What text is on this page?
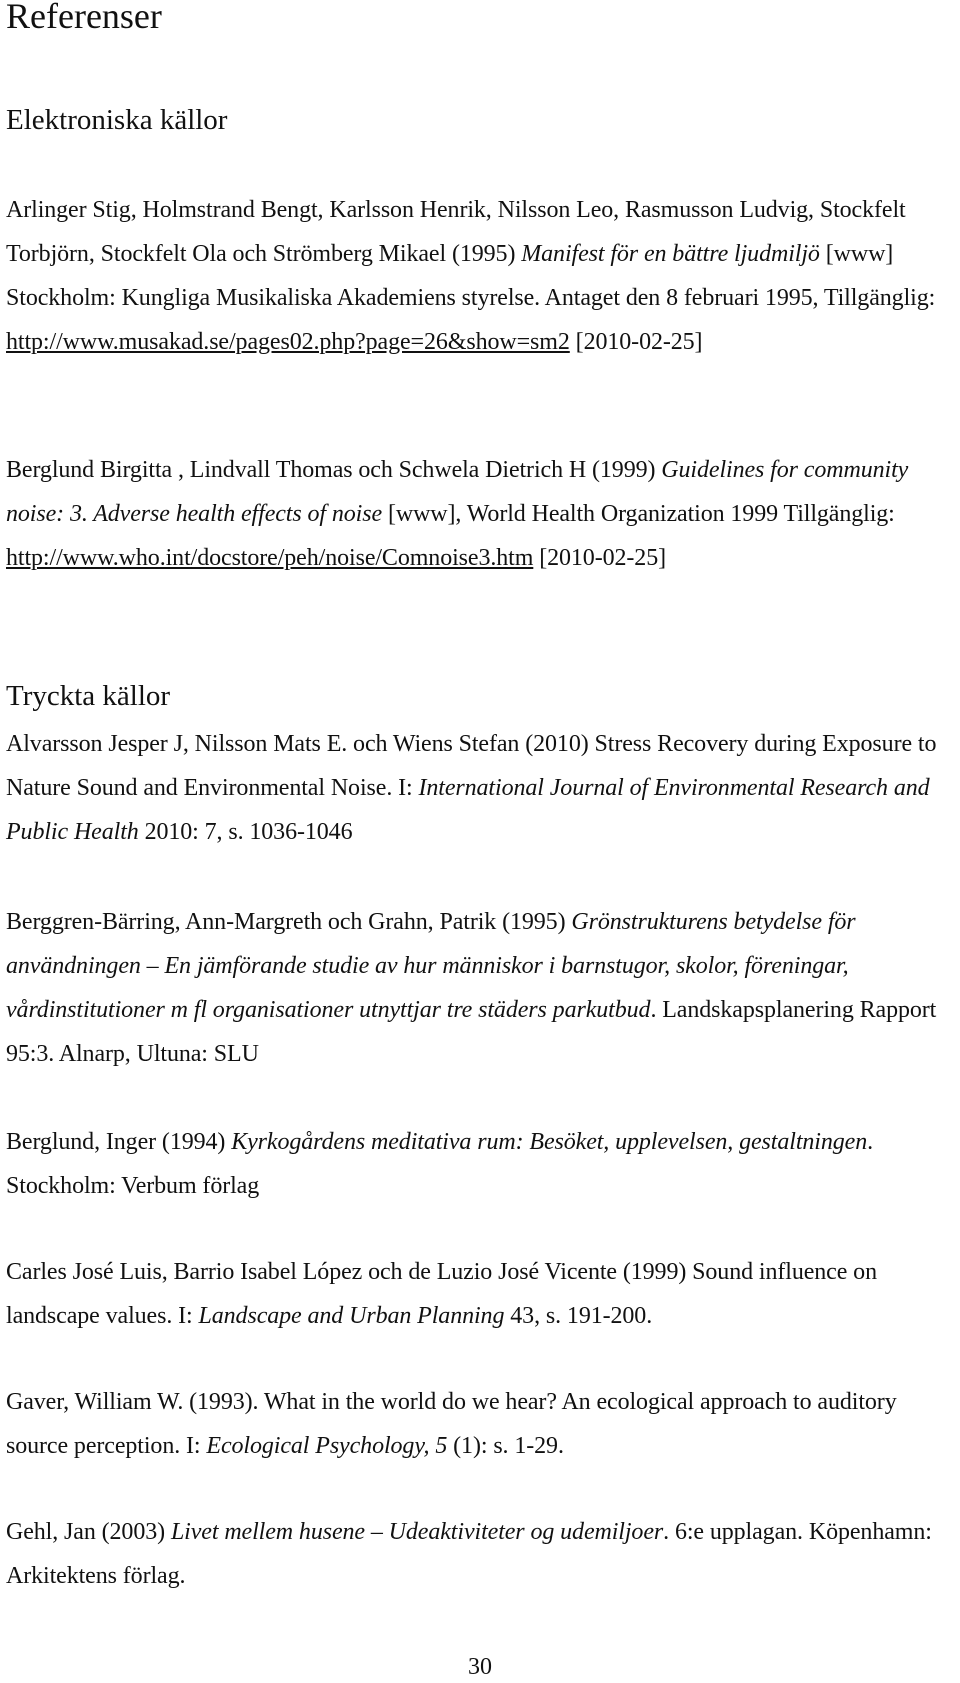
Referenser
Elektroniska källor

Arlinger Stig, Holmstrand Bengt, Karlsson Henrik, Nilsson Leo, Rasmusson Ludvig, Stockfelt Torbjörn, Stockfelt Ola och Strömberg Mikael (1995) Manifest för en bättre ljudmiljö [www] Stockholm: Kungliga Musikaliska Akademiens styrelse. Antaget den 8 februari 1995, Tillgänglig: http://www.musakad.se/pages02.php?page=26&show=sm2 [2010-02-25]

Berglund Birgitta , Lindvall Thomas och Schwela Dietrich H (1999) Guidelines for community noise: 3. Adverse health effects of noise [www], World Health Organization 1999 Tillgänglig: http://www.who.int/docstore/peh/noise/Comnoise3.htm [2010-02-25]

Tryckta källor

Alvarsson Jesper J, Nilsson Mats E. och Wiens Stefan (2010) Stress Recovery during Exposure to Nature Sound and Environmental Noise. I: International Journal of Environmental Research and Public Health 2010: 7, s. 1036-1046

Berggren-Bärring, Ann-Margreth och Grahn, Patrik (1995) Grönstrukturens betydelse för användningen – En jämförande studie av hur människor i barnstugor, skolor, föreningar, vårdinstitutioner m fl organisationer utnyttjar tre städers parkutbud. Landskapsplanering Rapport 95:3. Alnarp, Ultuna: SLU

Berglund, Inger (1994) Kyrkogårdens meditativa rum: Besöket, upplevelsen, gestaltningen. Stockholm: Verbum förlag

Carles José Luis, Barrio Isabel López och de Luzio José Vicente (1999) Sound influence on landscape values. I: Landscape and Urban Planning 43, s. 191-200.

Gaver, William W. (1993). What in the world do we hear? An ecological approach to auditory source perception. I: Ecological Psychology, 5 (1): s. 1-29.

Gehl, Jan (2003) Livet mellem husene – Udeaktiviteter og udemiljoer. 6:e upplagan. Köpenhamn: Arkitektens förlag.

30
